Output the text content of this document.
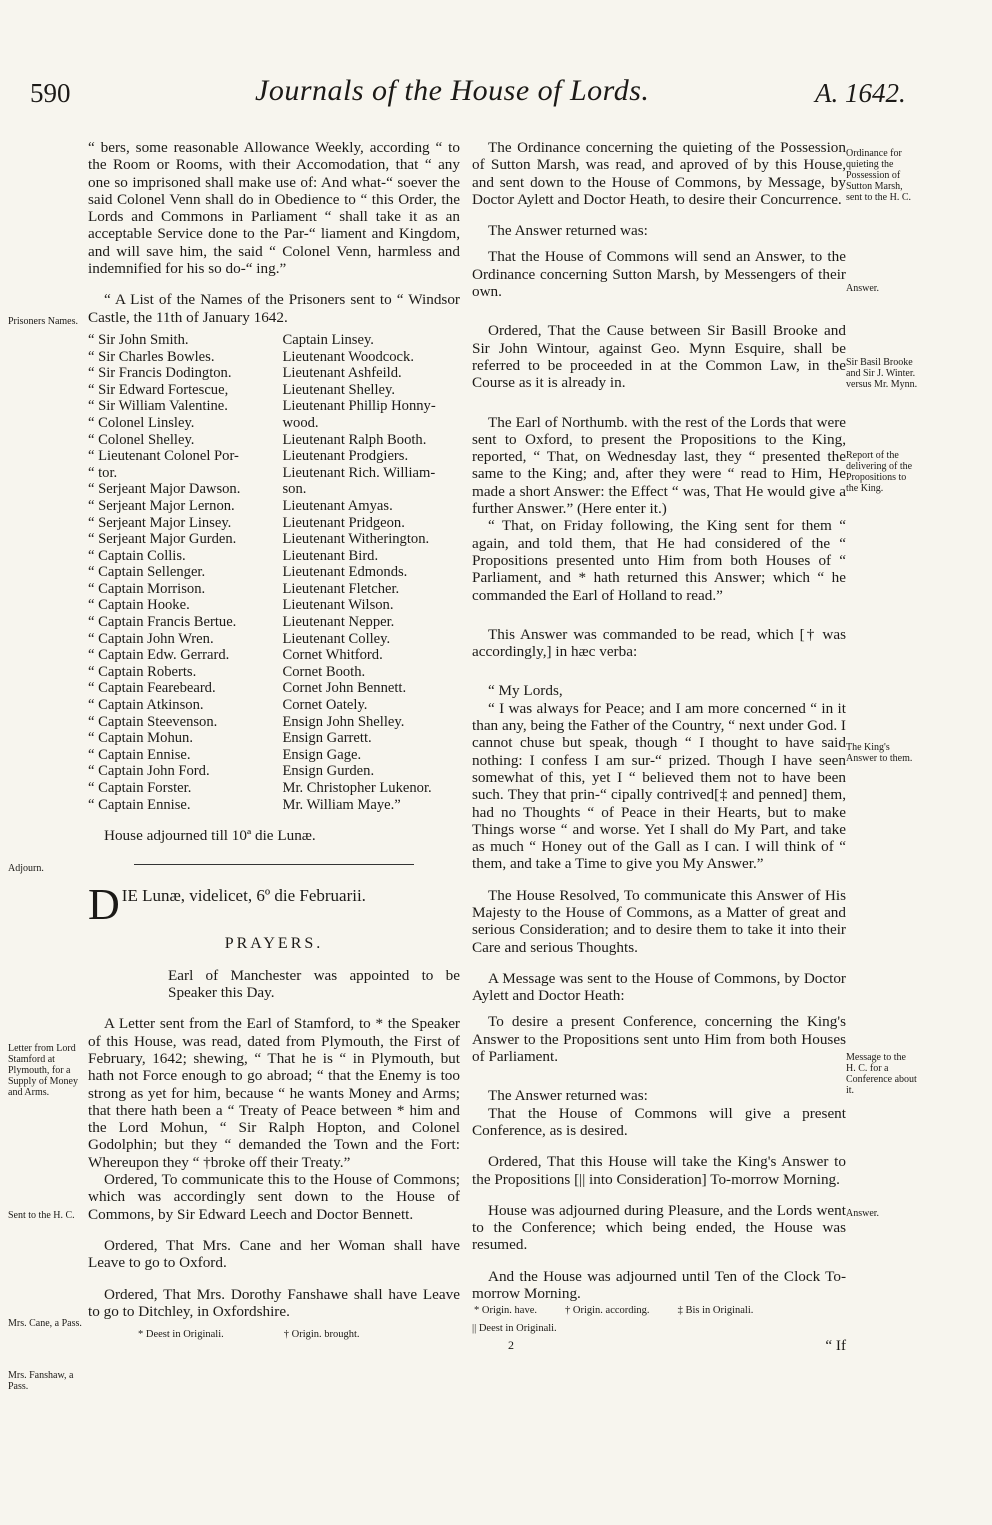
590	Journals of the House of Lords.	A. 1642.

“ bers, some reasonable Allowance Weekly, according “ to the Room or Rooms, with their Accomodation, that “ any one so imprisoned shall make use of: And what-“ soever the said Colonel Venn shall do in Obedience to “ this Order, the Lords and Commons in Parliament “ shall take it as an acceptable Service done to the Par-“ liament and Kingdom, and will save him, the said “ Colonel Venn, harmless and indemnified for his so do-“ ing.”

“ A List of the Names of the Prisoners sent to “ Windsor Castle, the 11th of January 1642.

“ Sir John Smith.
“ Sir Charles Bowles.
“ Sir Francis Dodington.
“ Sir Edward Fortescue,
“ Sir William Valentine.
“ Colonel Linsley.
“ Colonel Shelley.
“ Lieutenant Colonel Por-
“ tor.
“ Serjeant Major Dawson.
“ Serjeant Major Lernon.
“ Serjeant Major Linsey.
“ Serjeant Major Gurden.
“ Captain Collis.
“ Captain Sellenger.
“ Captain Morrison.
“ Captain Hooke.
“ Captain Francis Bertue.
“ Captain John Wren.
“ Captain Edw. Gerrard.
“ Captain Roberts.
“ Captain Fearebeard.
“ Captain Atkinson.
“ Captain Steevenson.
“ Captain Mohun.
“ Captain Ennise.
“ Captain John Ford.
“ Captain Forster.
“ Captain Ennise.
Captain Linsey.
Lieutenant Woodcock.
Lieutenant Ashfeild.
Lieutenant Shelley.
Lieutenant Phillip Honny-
wood.
Lieutenant Ralph Booth.
Lieutenant Prodgiers.
Lieutenant Rich. William-
son.
Lieutenant Amyas.
Lieutenant Pridgeon.
Lieutenant Witherington.
Lieutenant Bird.
Lieutenant Edmonds.
Lieutenant Fletcher.
Lieutenant Wilson.
Lieutenant Nepper.
Lieutenant Colley.
Cornet Whitford.
Cornet Booth.
Cornet John Bennett.
Cornet Oately.
Ensign John Shelley.
Ensign Garrett.
Ensign Gage.
Ensign Gurden.
Mr. Christopher Lukenor.
Mr. William Maye.”

House adjourned till 10ª die Lunæ.

D IE Lunæ, videlicet, 6º die Februarii.
PRAYERS.

Earl of Manchester was appointed to be Speaker this Day.

A Letter sent from the Earl of Stamford, to * the Speaker of this House, was read, dated from Plymouth, the First of February, 1642; shewing, “ That he is “ in Plymouth, but hath not Force enough to go abroad; “ that the Enemy is too strong as yet for him, because “ he wants Money and Arms; that there hath been a “ Treaty of Peace between * him and the Lord Mohun, “ Sir Ralph Hopton, and Colonel Godolphin; but they “ demanded the Town and the Fort: Whereupon they “ †broke off their Treaty.”

Ordered, To communicate this to the House of Commons; which was accordingly sent down to the House of Commons, by Sir Edward Leech and Doctor Bennett.

Ordered, That Mrs. Cane and her Woman shall have Leave to go to Oxford.

Ordered, That Mrs. Dorothy Fanshawe shall have Leave to go to Ditchley, in Oxfordshire.

* Deest in Originali.	† Origin. brought.
Prisoners Names.
Adjourn.
Letter from Lord Stamford at Plymouth, for a Supply of Money and Arms.
Sent to the H. C.
Mrs. Cane, a Pass.
Mrs. Fanshaw, a Pass.

The Ordinance concerning the quieting of the Possession of Sutton Marsh, was read, and aproved of by this House, and sent down to the House of Commons, by Message, by Doctor Aylett and Doctor Heath, to desire their Concurrence.

The Answer returned was:

That the House of Commons will send an Answer, to the Ordinance concerning Sutton Marsh, by Messengers of their own.

Ordered, That the Cause between Sir Basill Brooke and Sir John Wintour, against Geo. Mynn Esquire, shall be referred to be proceeded in at the Common Law, in the Course as it is already in.

The Earl of Northumb. with the rest of the Lords that were sent to Oxford, to present the Propositions to the King, reported, “ That, on Wednesday last, they “ presented the same to the King; and, after they were “ read to Him, He made a short Answer: the Effect “ was, That He would give a further Answer.” (Here enter it.)

“ That, on Friday following, the King sent for them “ again, and told them, that He had considered of the “ Propositions presented unto Him from both Houses of “ Parliament, and * hath returned this Answer; which “ he commanded the Earl of Holland to read.”

This Answer was commanded to be read, which [† was accordingly,] in hæc verba:

“ My Lords,

“ I was always for Peace; and I am more concerned “ in it than any, being the Father of the Country, “ next under God. I cannot chuse but speak, though “ I thought to have said nothing: I confess I am sur-“ prized. Though I have seen somewhat of this, yet I “ believed them not to have been such. They that prin-“ cipally contrived[‡ and penned] them, had no Thoughts “ of Peace in their Hearts, but to make Things worse “ and worse. Yet I shall do My Part, and take as much “ Honey out of the Gall as I can. I will think of “ them, and take a Time to give you My Answer.”

The House Resolved, To communicate this Answer of His Majesty to the House of Commons, as a Matter of great and serious Consideration; and to desire them to take it into their Care and serious Thoughts.

A Message was sent to the House of Commons, by Doctor Aylett and Doctor Heath:

To desire a present Conference, concerning the King's Answer to the Propositions sent unto Him from both Houses of Parliament.

The Answer returned was:

That the House of Commons will give a present Conference, as is desired.

Ordered, That this House will take the King's Answer to the Propositions [|| into Consideration] To-morrow Morning.

House was adjourned during Pleasure, and the Lords went to the Conference; which being ended, the House was resumed.

And the House was adjourned until Ten of the Clock To-morrow Morning.

* Origin. have.	† Origin. according.	‡ Bis in Originali.
|| Deest in Originali.
2	“ If
Ordinance for quieting the Possession of Sutton Marsh, sent to the H. C.
Answer.
Sir Basil Brooke and Sir J. Winter. versus Mr. Mynn.
Report of the delivering of the Propositions to the King.
The King's Answer to them.
Message to the H. C. for a Conference about it.
Answer.
